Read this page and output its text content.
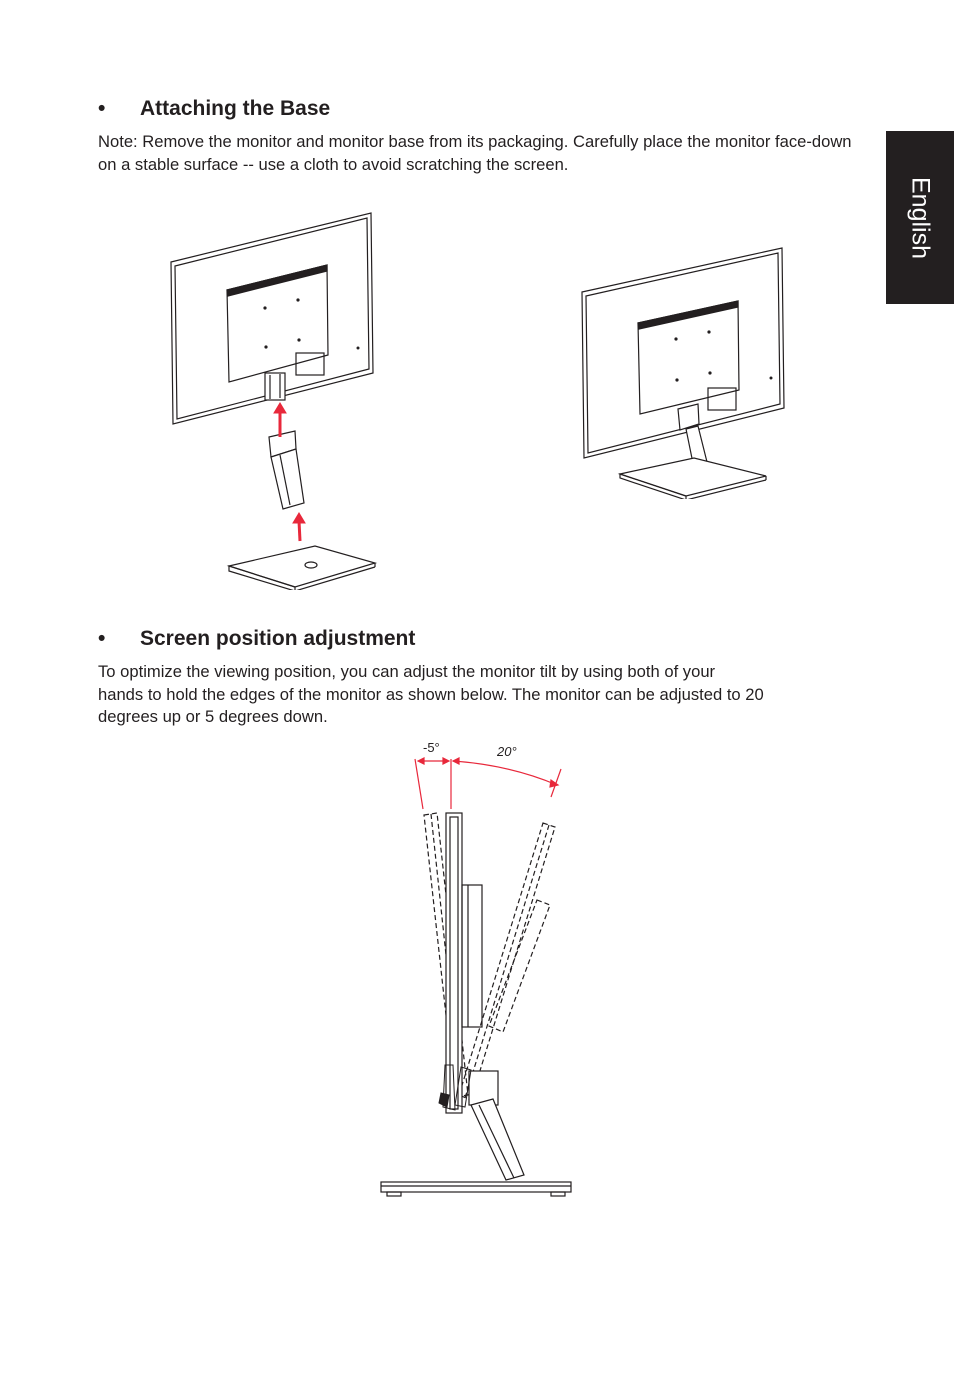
English
•	Attaching the Base

Note: Remove the monitor and monitor base from its packaging. Carefully place the monitor face-down on a stable surface -- use a cloth to avoid scratching the screen.

•	Screen position adjustment

To optimize the viewing position, you can adjust the monitor tilt by using both of your
hands to hold the edges of the monitor as shown below. The monitor can be adjusted to 20
degrees up or 5 degrees down.

-5°	20°
